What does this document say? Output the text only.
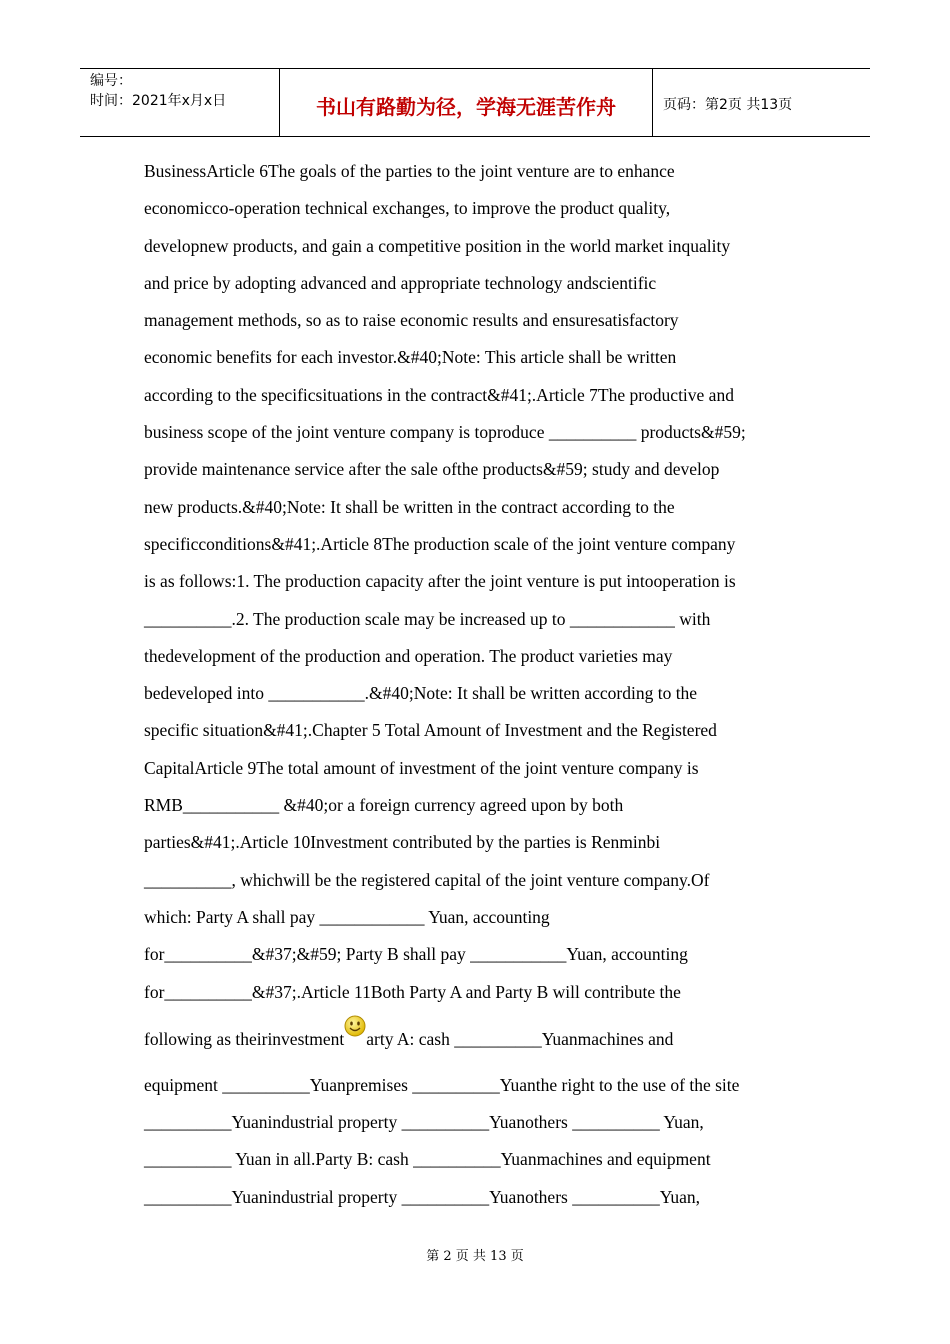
编号：
时间：2021年x月x日	书山有路勤为径，学海无涯苦作舟	页码：第2页 共13页
BusinessArticle 6The goals of the parties to the joint venture are to enhance
economicco-operation technical exchanges, to improve the product quality,
developnew products, and gain a competitive position in the world market inquality
and price by adopting advanced and appropriate technology andscientific
management methods, so as to raise economic results and ensuresatisfactory
economic benefits for each investor.&#40;Note: This article shall be written
according to the specificsituations in the contract&#41;.Article 7The productive and
business scope of the joint venture company is toproduce __________ products&#59;
provide maintenance service after the sale ofthe products&#59; study and develop
new products.&#40;Note: It shall be written in the contract according to the
specificconditions&#41;.Article 8The production scale of the joint venture company
is as follows:1. The production capacity after the joint venture is put intooperation is
__________.2. The production scale may be increased up to ____________ with
thedevelopment of the production and operation. The product varieties may
bedeveloped into ___________.&#40;Note: It shall be written according to the
specific situation&#41;.Chapter 5 Total Amount of Investment and the Registered
CapitalArticle 9The total amount of investment of the joint venture company is
RMB___________ &#40;or a foreign currency agreed upon by both
parties&#41;.Article 10Investment contributed by the parties is Renminbi
__________, whichwill be the registered capital of the joint venture company.Of
which: Party A shall pay ____________ Yuan, accounting
for__________&#37;&#59; Party B shall pay ___________Yuan, accounting
for__________&#37;.Article 11Both Party A and Party B will contribute the
following as theirinvestment arty A: cash __________Yuanmachines and
equipment __________Yuanpremises __________Yuanthe right to the use of the site
__________Yuanindustrial property __________Yuanothers __________ Yuan,
__________ Yuan in all.Party B: cash __________Yuanmachines and equipment
__________Yuanindustrial property __________Yuanothers __________Yuan,
第 2 页 共 13 页
